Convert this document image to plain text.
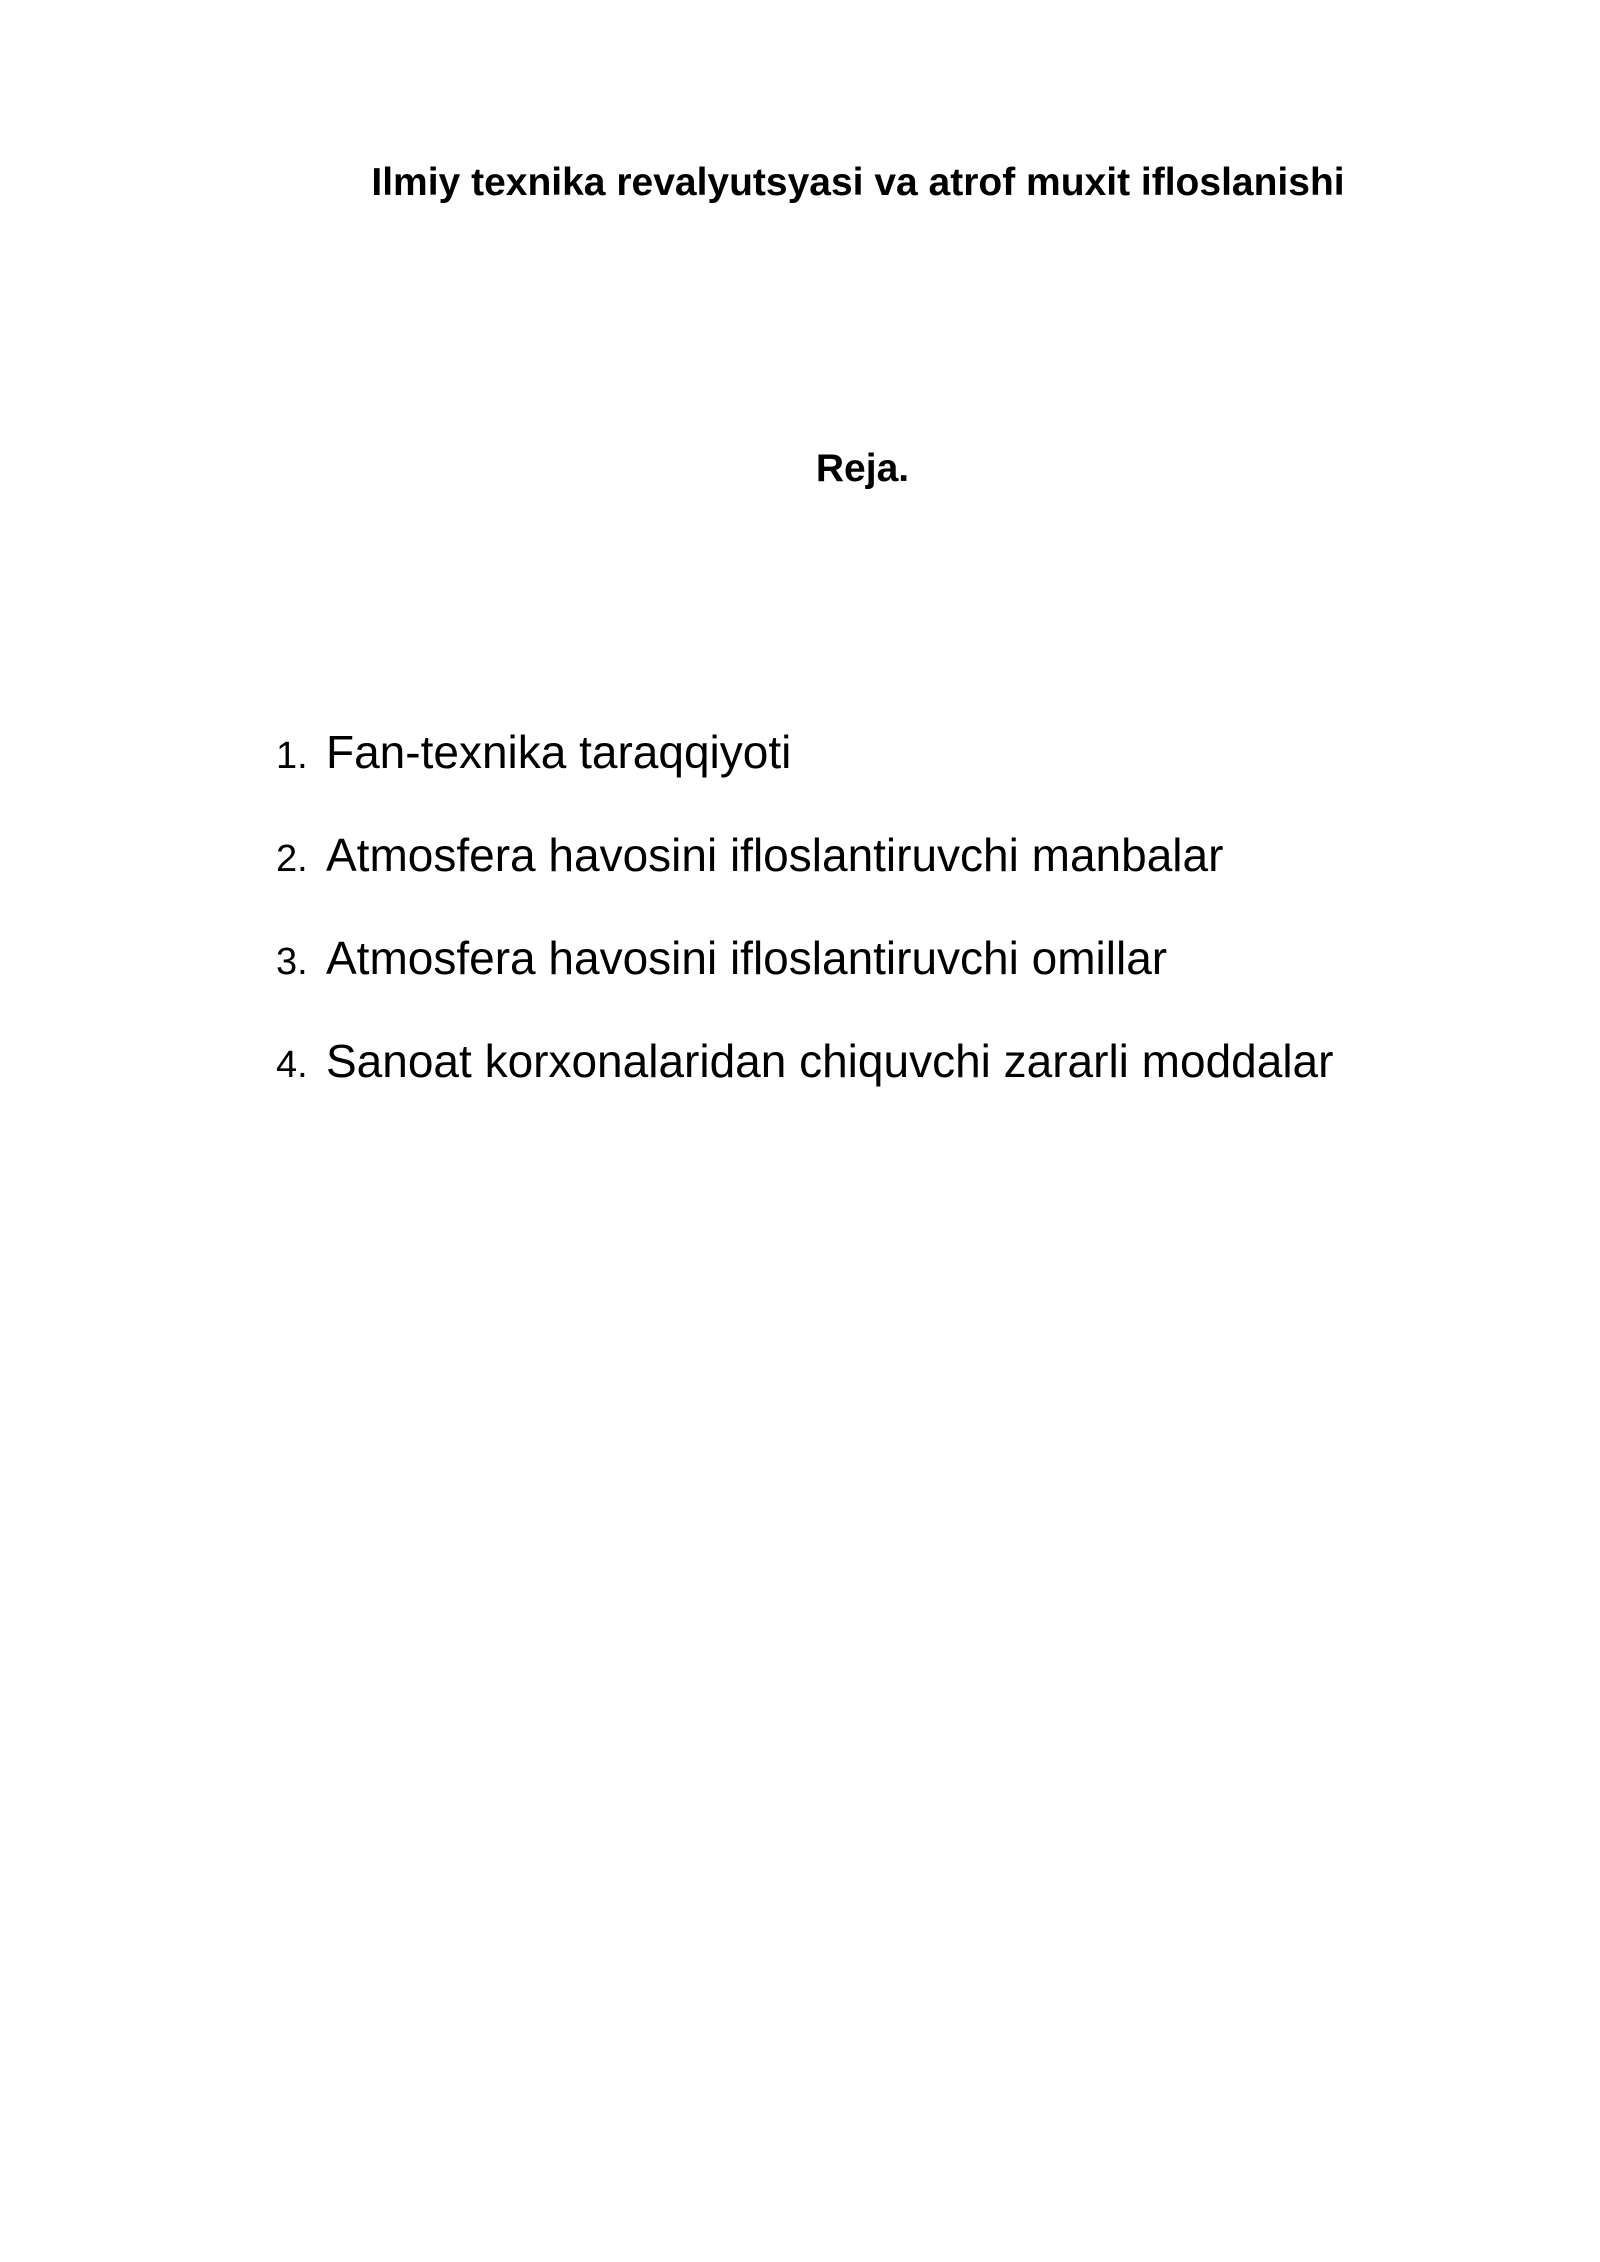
Ilmiy texnika revalyutsyasi va atrof muxit ifloslanishi
Reja.
1. Fan-texnika taraqqiyoti
2. Atmosfera havosini ifloslantiruvchi manbalar
3. Atmosfera havosini ifloslantiruvchi omillar
4. Sanoat korxonalaridan chiquvchi zararli moddalar
